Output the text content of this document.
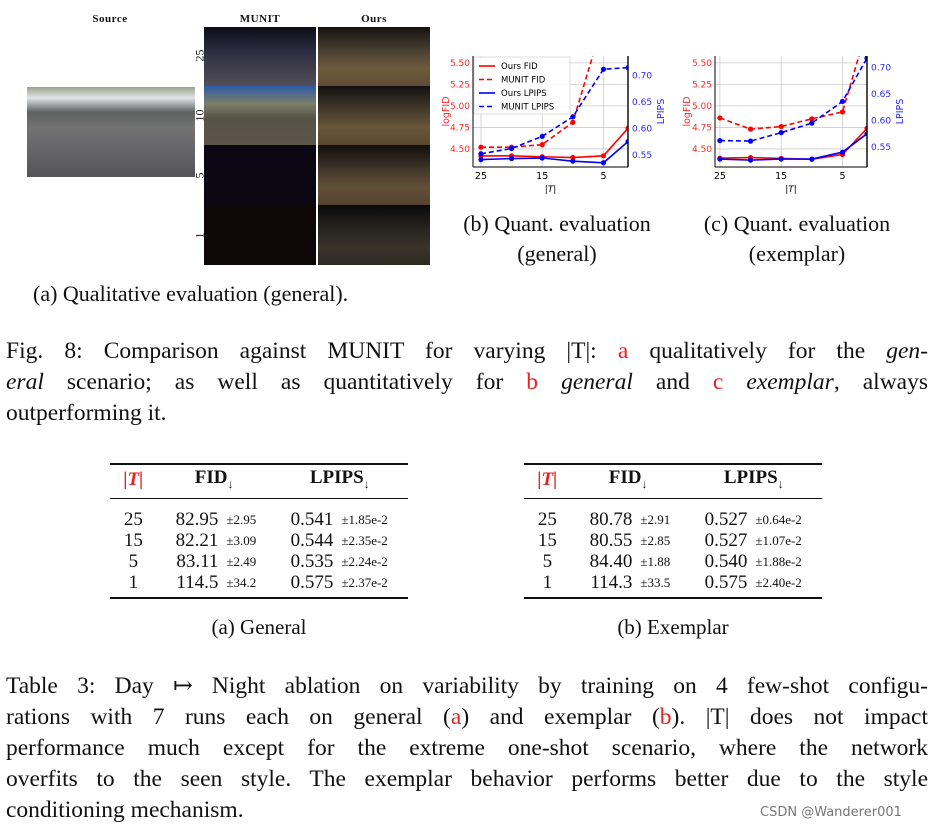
Source	MUNIT	Ours
25
10
5
1
(a) Qualitative evaluation (general).
25	15	5
4.50
4.75
5.00
5.25
5.50
0.55
0.60
0.65
0.70
|T|
logFID	LPIPS
Ours FID
MUNIT FID
Ours LPIPS
MUNIT LPIPS
25	15	5
4.50
4.75
5.00
5.25
5.50
0.55
0.60
0.65
0.70
|T|
logFID	LPIPS
(b) Quant. evaluation
(general)
(c) Quant. evaluation
(exemplar)
Fig. 8: Comparison against MUNIT for varying |T|: a qualitatively for the gen-
eral scenario; as well as quantitatively for b general and c exemplar, always
outperforming it.
|T|	$FID_↓$		$LPIPS_↓$
25	82.95	±2.95	0.541	±1.85e-2
15	82.21	±3.09	0.544	±2.35e-2
5	83.11	±2.49	0.535	±2.24e-2
1	114.5	±34.2	0.575	±2.37e-2
|T|	$FID_↓$		$LPIPS_↓$
25	80.78	±2.91	0.527	±0.64e-2
15	80.55	±2.85	0.527	±1.07e-2
5	84.40	±1.88	0.540	±1.88e-2
1	114.3	±33.5	0.575	±2.40e-2
(a) General	(b) Exemplar
Table 3: Day ↦ Night ablation on variability by training on 4 few-shot configu-
rations with 7 runs each on general (a) and exemplar (b). |T| does not impact
performance much except for the extreme one-shot scenario, where the network
overfits to the seen style. The exemplar behavior performs better due to the style
conditioning mechanism.	CSDN @Wanderer001
